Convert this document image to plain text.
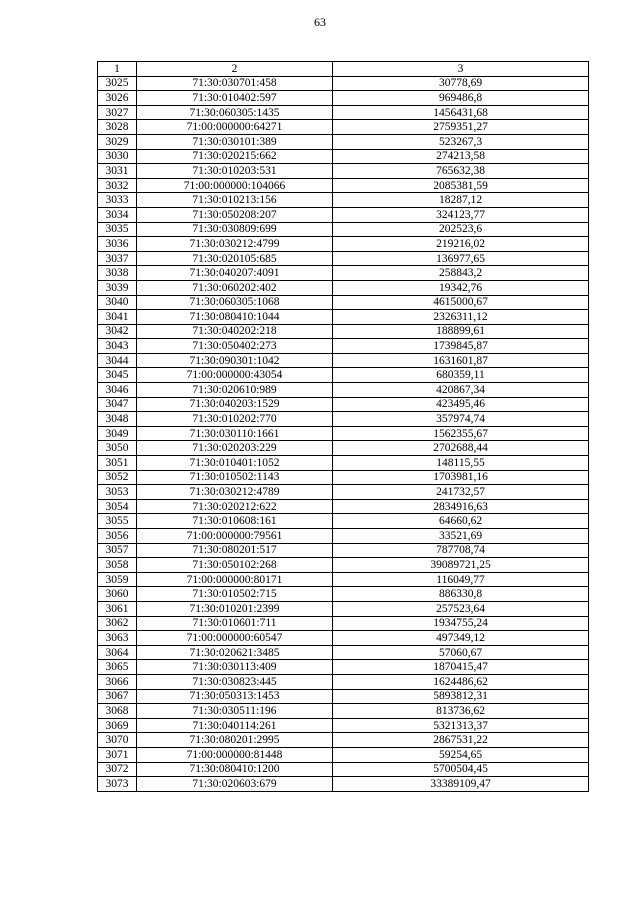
63
1	2	3
3025	71:30:030701:458	30778,69
3026	71:30:010402:597	969486,8
3027	71:30:060305:1435	1456431,68
3028	71:00:000000:64271	2759351,27
3029	71:30:030101:389	523267,3
3030	71:30:020215:662	274213,58
3031	71:30:010203:531	765632,38
3032	71:00:000000:104066	2085381,59
3033	71:30:010213:156	18287,12
3034	71:30:050208:207	324123,77
3035	71:30:030809:699	202523,6
3036	71:30:030212:4799	219216,02
3037	71:30:020105:685	136977,65
3038	71:30:040207:4091	258843,2
3039	71:30:060202:402	19342,76
3040	71:30:060305:1068	4615000,67
3041	71:30:080410:1044	2326311,12
3042	71:30:040202:218	188899,61
3043	71:30:050402:273	1739845,87
3044	71:30:090301:1042	1631601,87
3045	71:00:000000:43054	680359,11
3046	71:30:020610:989	420867,34
3047	71:30:040203:1529	423495,46
3048	71:30:010202:770	357974,74
3049	71:30:030110:1661	1562355,67
3050	71:30:020203:229	2702688,44
3051	71:30:010401:1052	148115,55
3052	71:30:010502:1143	1703981,16
3053	71:30:030212:4789	241732,57
3054	71:30:020212:622	2834916,63
3055	71:30:010608:161	64660,62
3056	71:00:000000:79561	33521,69
3057	71:30:080201:517	787708,74
3058	71:30:050102:268	39089721,25
3059	71:00:000000:80171	116049,77
3060	71:30:010502:715	886330,8
3061	71:30:010201:2399	257523,64
3062	71:30:010601:711	1934755,24
3063	71:00:000000:60547	497349,12
3064	71:30:020621:3485	57060,67
3065	71:30:030113:409	1870415,47
3066	71:30:030823:445	1624486,62
3067	71:30:050313:1453	5893812,31
3068	71:30:030511:196	813736,62
3069	71:30:040114:261	5321313,37
3070	71:30:080201:2995	2867531,22
3071	71:00:000000:81448	59254,65
3072	71:30:080410:1200	5700504,45
3073	71:30:020603:679	33389109,47
